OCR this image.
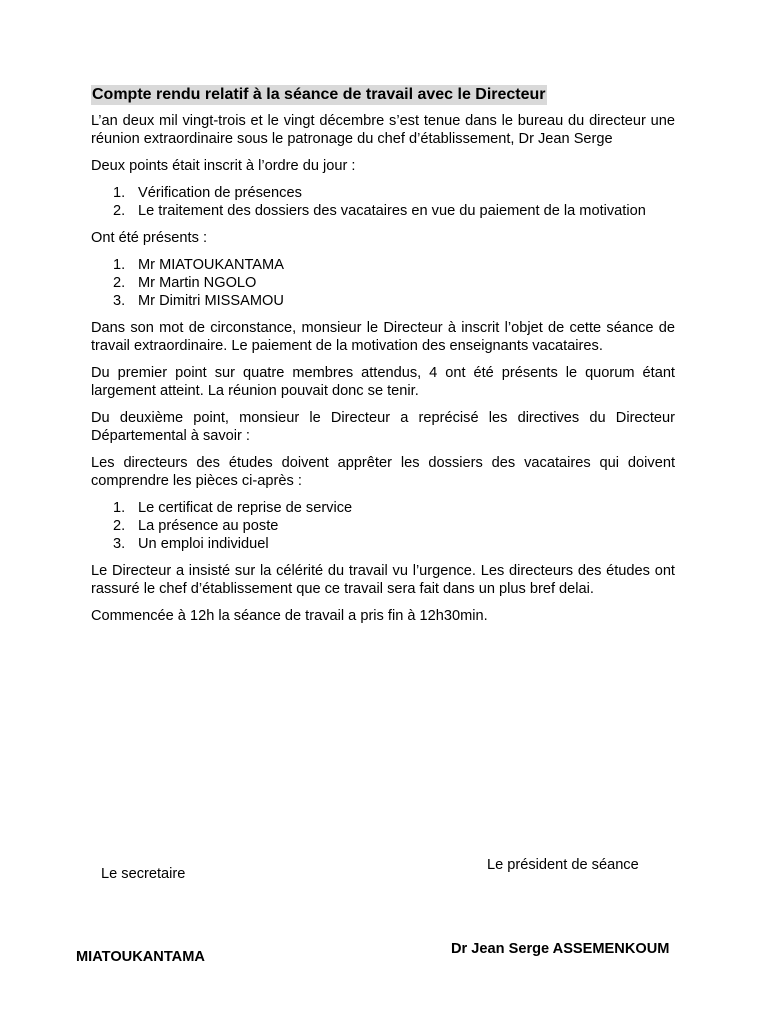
Compte rendu relatif à la séance de travail avec le Directeur

L’an deux mil vingt-trois et le vingt décembre s’est tenue dans le bureau du directeur une réunion extraordinaire sous le patronage du chef d’établissement, Dr Jean Serge

Deux points était inscrit à l’ordre du jour :

1. Vérification de présences
2. Le traitement des dossiers des vacataires en vue du paiement de la motivation

Ont été présents :

1. Mr MIATOUKANTAMA
2. Mr Martin NGOLO
3. Mr Dimitri MISSAMOU

Dans son mot de circonstance, monsieur le Directeur à inscrit l’objet de cette séance de travail extraordinaire. Le paiement de la motivation des enseignants vacataires.

Du premier point sur quatre membres attendus, 4 ont été présents le quorum étant largement atteint. La réunion pouvait donc se tenir.

Du deuxième point, monsieur le Directeur a reprécisé les directives du Directeur Départemental à savoir :

Les directeurs des études doivent apprêter les dossiers des vacataires qui doivent comprendre les pièces ci-après :

1. Le certificat de reprise de service
2. La présence au poste
3. Un emploi individuel

Le Directeur a insisté sur la célérité du travail vu l’urgence. Les directeurs des études ont rassuré le chef d’établissement que ce travail sera fait dans un plus bref delai.

Commencée à 12h la séance de travail a pris fin à 12h30min.

Le secretaire
Le président de séance
MIATOUKANTAMA	Dr Jean Serge ASSEMENKOUM
